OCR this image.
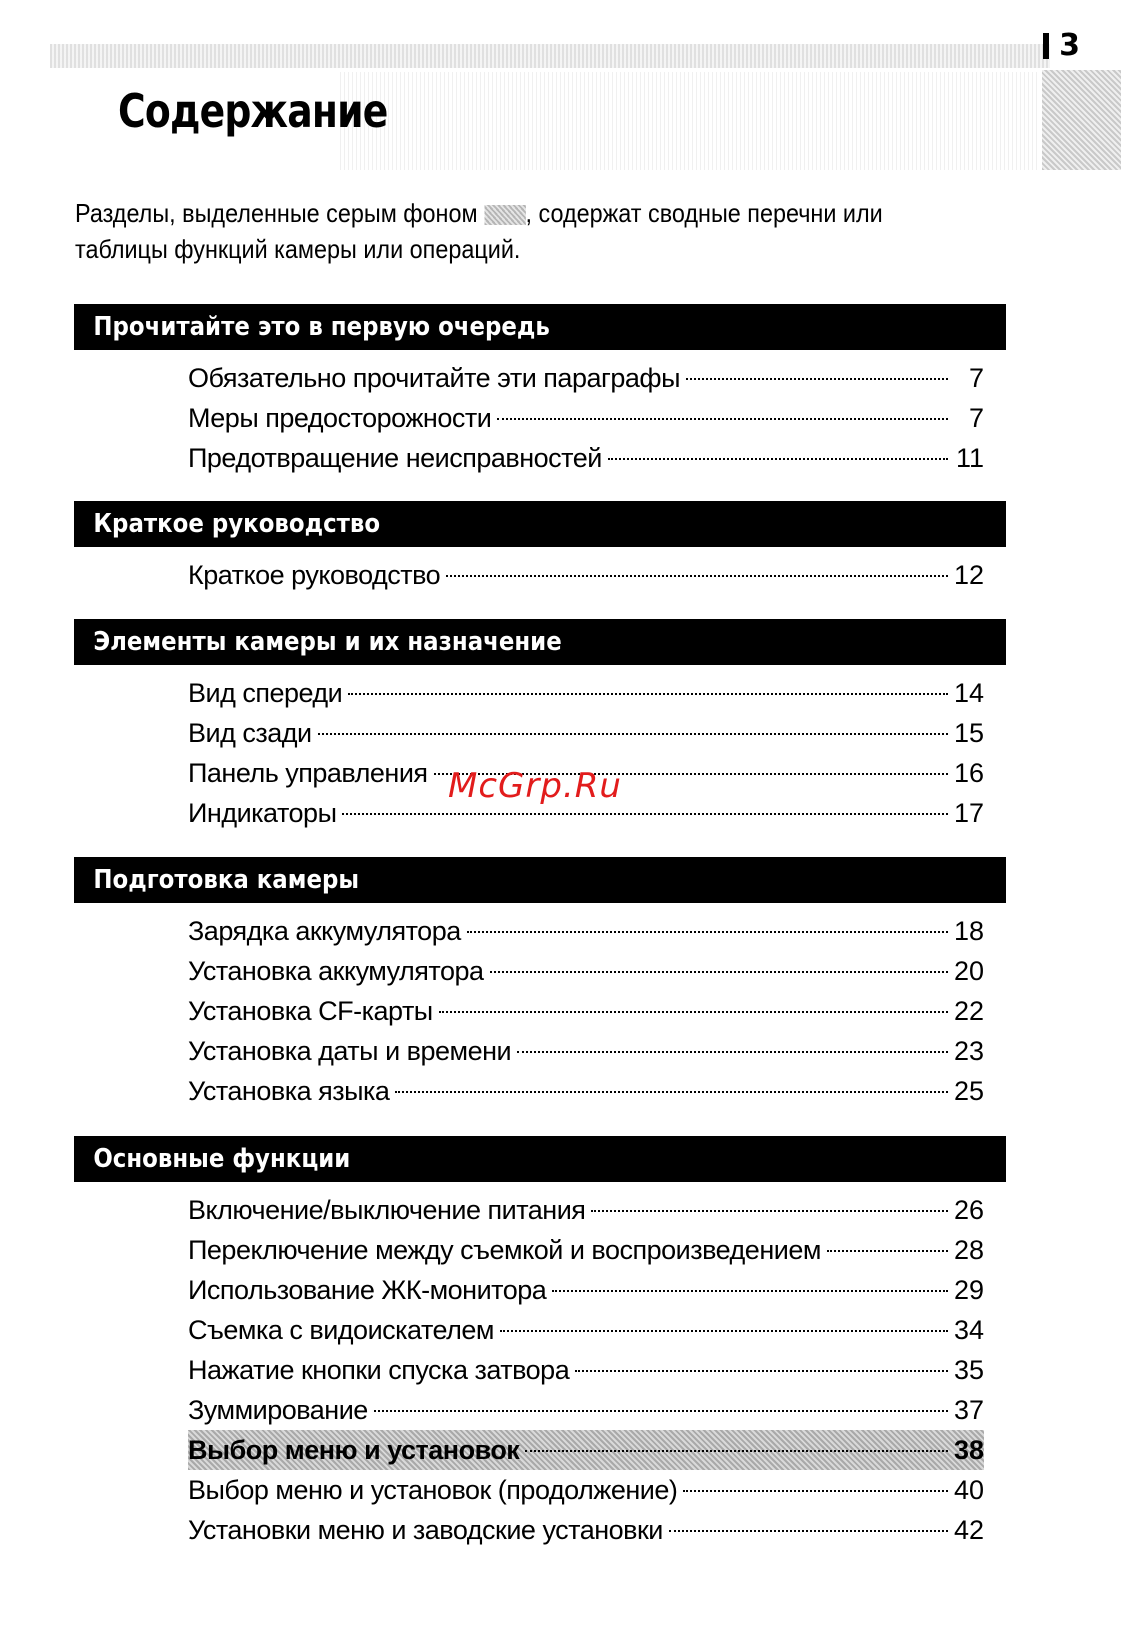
3
Содержание
Разделы, выделенные серым фоном , содержат сводные перечни или таблицы функций камеры или операций.
Прочитайте это в первую очередь
Обязательно прочитайте эти параграфы	7
Меры предосторожности	7
Предотвращение неисправностей	11
Краткое руководство
Краткое руководство	12
Элементы камеры и их назначение
Вид спереди	14
Вид сзади	15
Панель управления	16
Индикаторы	17
Подготовка камеры
Зарядка аккумулятора	18
Установка аккумулятора	20
Установка CF-карты	22
Установка даты и времени	23
Установка языка	25
Основные функции
Включение/выключение питания	26
Переключение между съемкой и воспроизведением	28
Использование ЖК-монитора	29
Съемка с видоискателем	34
Нажатие кнопки спуска затвора	35
Зуммирование	37
Выбор меню и установок	38
Выбор меню и установок (продолжение)	40
Установки меню и заводские установки	42
McGrp.Ru
